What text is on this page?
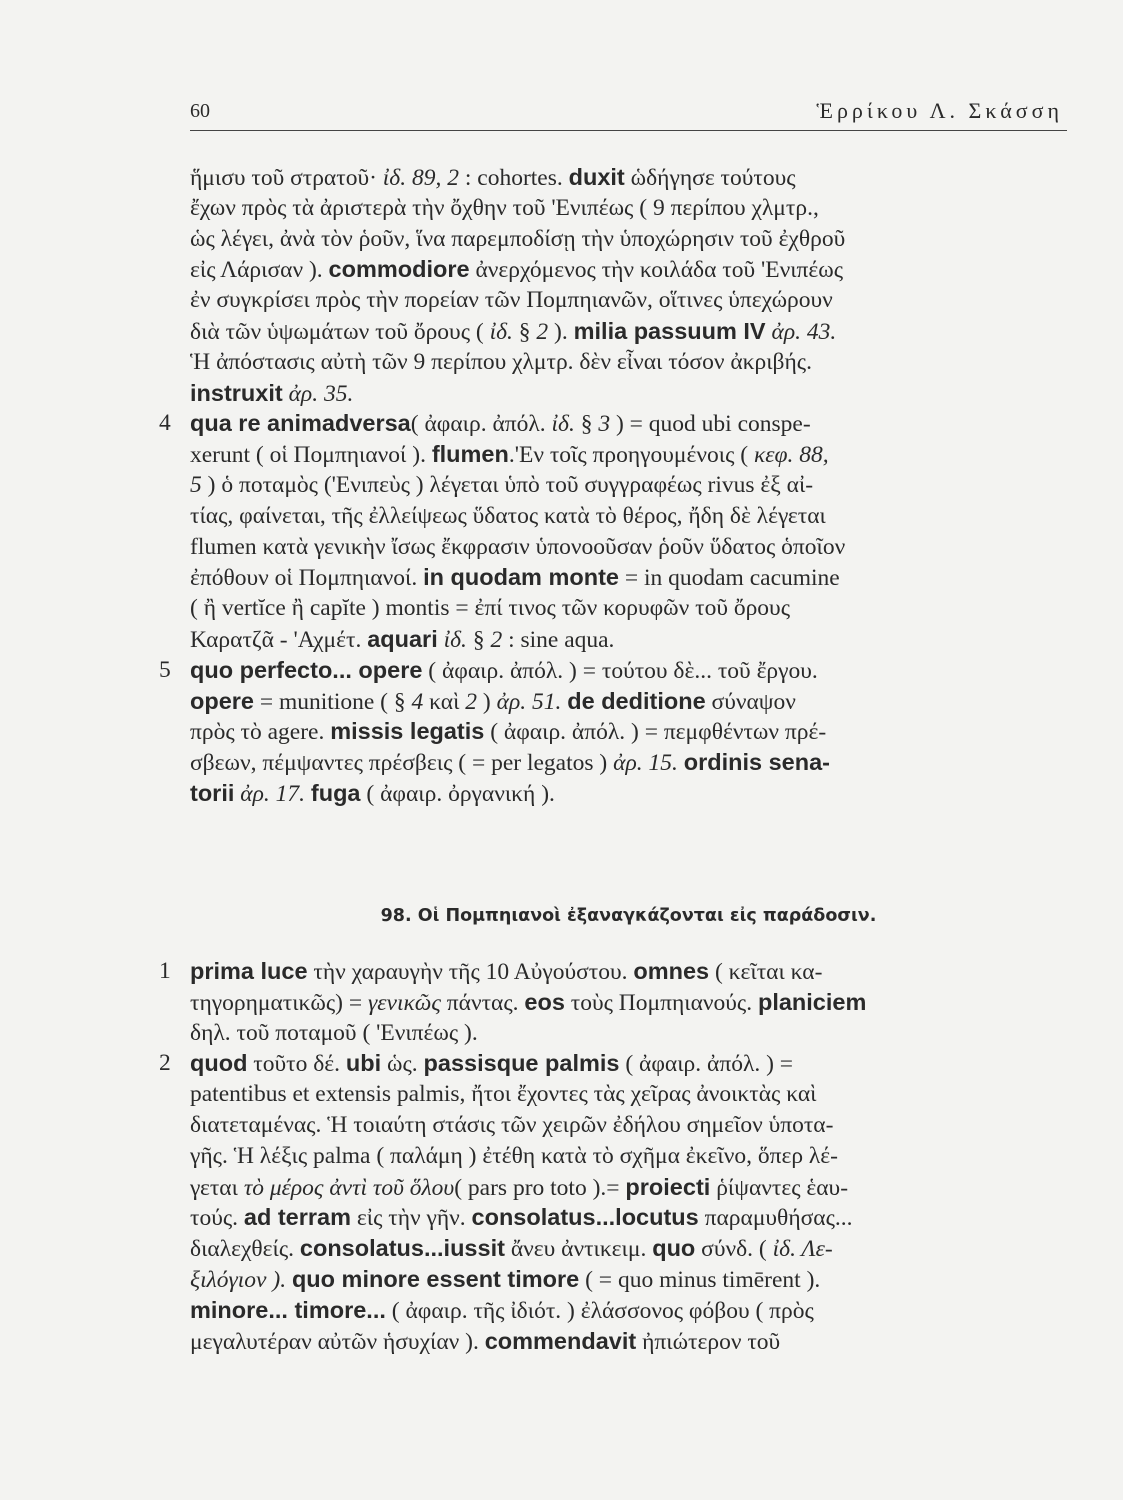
60	Ἑρρίκου Λ. Σκάσση
ἥμισυ τοῦ στρατοῦ· ἰδ. 89, 2 : cohortes. duxit ὡδήγησε τούτους
ἔχων πρὸς τὰ ἀριστερὰ τὴν ὄχθην τοῦ 'Ενιπέως ( 9 περίπου χλμτρ.,
ὡς λέγει, ἀνὰ τὸν ῥοῦν, ἵνα παρεμποδίσῃ τὴν ὑποχώρησιν τοῦ ἐχθροῦ
εἰς Λάρισαν ). commodiore ἀνερχόμενος τὴν κοιλάδα τοῦ 'Ενιπέως
ἐν συγκρίσει πρὸς τὴν πορείαν τῶν Πομπηιανῶν, οἵτινες ὑπεχώρουν
διὰ τῶν ὑψωμάτων τοῦ ὄρους ( ἰδ. § 2 ). milia passuum IV ἀρ. 43.
Ἡ ἀπόστασις αὐτὴ τῶν 9 περίπου χλμτρ. δὲν εἶναι τόσον ἀκριβής.
instruxit ἀρ. 35.
4 qua re animadversa( ἀφαιρ. ἀπόλ. ἰδ. § 3 ) = quod ubi conspe-
xerunt ( οἱ Πομπηιανοί ). flumen.'Εν τοῖς προηγουμένοις ( κεφ. 88,
5 ) ὁ ποταμὸς ('Ενιπεὺς ) λέγεται ὑπὸ τοῦ συγγραφέως rivus ἐξ αἰ-
τίας, φαίνεται, τῆς ἐλλείψεως ὕδατος κατὰ τὸ θέρος, ἤδη δὲ λέγεται
flumen κατὰ γενικὴν ἴσως ἔκφρασιν ὑπονοοῦσαν ῥοῦν ὕδατος ὁποῖον
ἐπόθουν οἱ Πομπηιανοί. in quodam monte = in quodam cacumine
( ἢ vertĭce ἢ capĭte ) montis = ἐπί τινος τῶν κορυφῶν τοῦ ὄρους
Καρατζᾶ - 'Αχμέτ. aquari ἰδ. § 2 : sine aqua.
5 quo perfecto... opere ( ἀφαιρ. ἀπόλ. ) = τούτου δὲ... τοῦ ἔργου.
opere = munitione ( § 4 καὶ 2 ) ἀρ. 51. de deditione σύναψον
πρὸς τὸ agere. missis legatis ( ἀφαιρ. ἀπόλ. ) = πεμφθέντων πρέ-
σβεων, πέμψαντες πρέσβεις ( = per legatos ) ἀρ. 15. ordinis senа-
torii ἀρ. 17. fuga ( ἀφαιρ. ὀργανική ).
98. Οἱ Πομπηιανοὶ ἐξαναγκάζονται εἰς παράδοσιν.
1 prima luce τὴν χαραυγὴν τῆς 10 Αὐγούστου. omnes ( κεῖται κα-
τηγορηματικῶς) = γενικῶς πάντας. eos τοὺς Πομπηιανούς. planiciem
δηλ. τοῦ ποταμοῦ ( 'Ενιπέως ).
2 quod τοῦτο δέ. ubi ὡς. passisque palmis ( ἀφαιρ. ἀπόλ. ) =
patentibus et extensis palmis, ἤτοι ἔχοντες τὰς χεῖρας ἀνοικτὰς καὶ
διατεταμένας. Ἡ τοιαύτη στάσις τῶν χειρῶν ἐδήλου σημεῖον ὑποτα-
γῆς. Ἡ λέξις palma ( παλάμη ) ἐτέθη κατὰ τὸ σχῆμα ἐκεῖνο, ὅπερ λέ-
γεται τὸ μέρος ἀντὶ τοῦ ὅλου( pars pro toto ).= proiecti ῥίψαντες ἑαυ-
τούς. ad terram εἰς τὴν γῆν. consolatus...locutus παραμυθήσας...
διαλεχθείς. consolatus...iussit ἄνευ ἀντικειμ. quo σύνδ. ( ἰδ. Λε-
ξιλόγιον ). quo minore essent timore ( = quo minus timērent ).
minore... timore... ( ἀφαιρ. τῆς ἰδιότ. ) ἐλάσσονος φόβου ( πρὸς
μεγαλυτέραν αὐτῶν ἡσυχίαν ). commendavit ἠπιώτερον τοῦ
